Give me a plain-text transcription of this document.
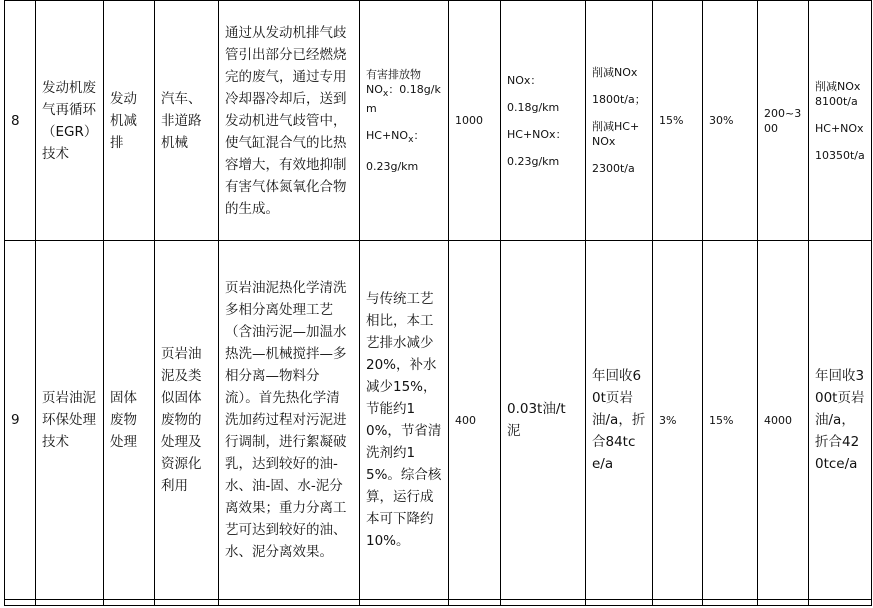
8	发动机废气再循环（EGR）技术	发动机减排	汽车、非道路机械	通过从发动机排气歧管引出部分已经燃烧完的废气，通过专用冷却器冷却后，送到发动机进气歧管中，使气缸混合气的比热容增大，有效地抑制有害气体氮氧化合物的生成。	有害排放物
$NO_x$：0.18g/km
$HC+NO_x$：
0.23g/km	1000	NOx：
0.18g/km
HC+NOx：
0.23g/km	削减NOx
1800t/a；
削减HC+NOx
2300t/a	15%	30%	200~300	削减NOx 8100t/a
HC+NOx
10350t/a

9	页岩油泥环保处理技术	固体废物处理	页岩油泥及类似固体废物的处理及资源化利用	页岩油泥热化学清洗多相分离处理工艺（含油污泥—加温水热洗—机械搅拌—多相分离—物料分流）。首先热化学清洗加药过程对污泥进行调制，进行絮凝破乳，达到较好的油-水、油-固、水-泥分离效果；重力分离工艺可达到较好的油、水、泥分离效果。	与传统工艺相比，本工艺排水减少20%，补水减少15%，节能约10%，节省清洗剂约15%。综合核算，运行成本可下降约10%。	400	0.03t油/t泥	年回收60t页岩油/a，折合84tce/a	3%	15%	4000	年回收300t页岩油/a，折合420tce/a
